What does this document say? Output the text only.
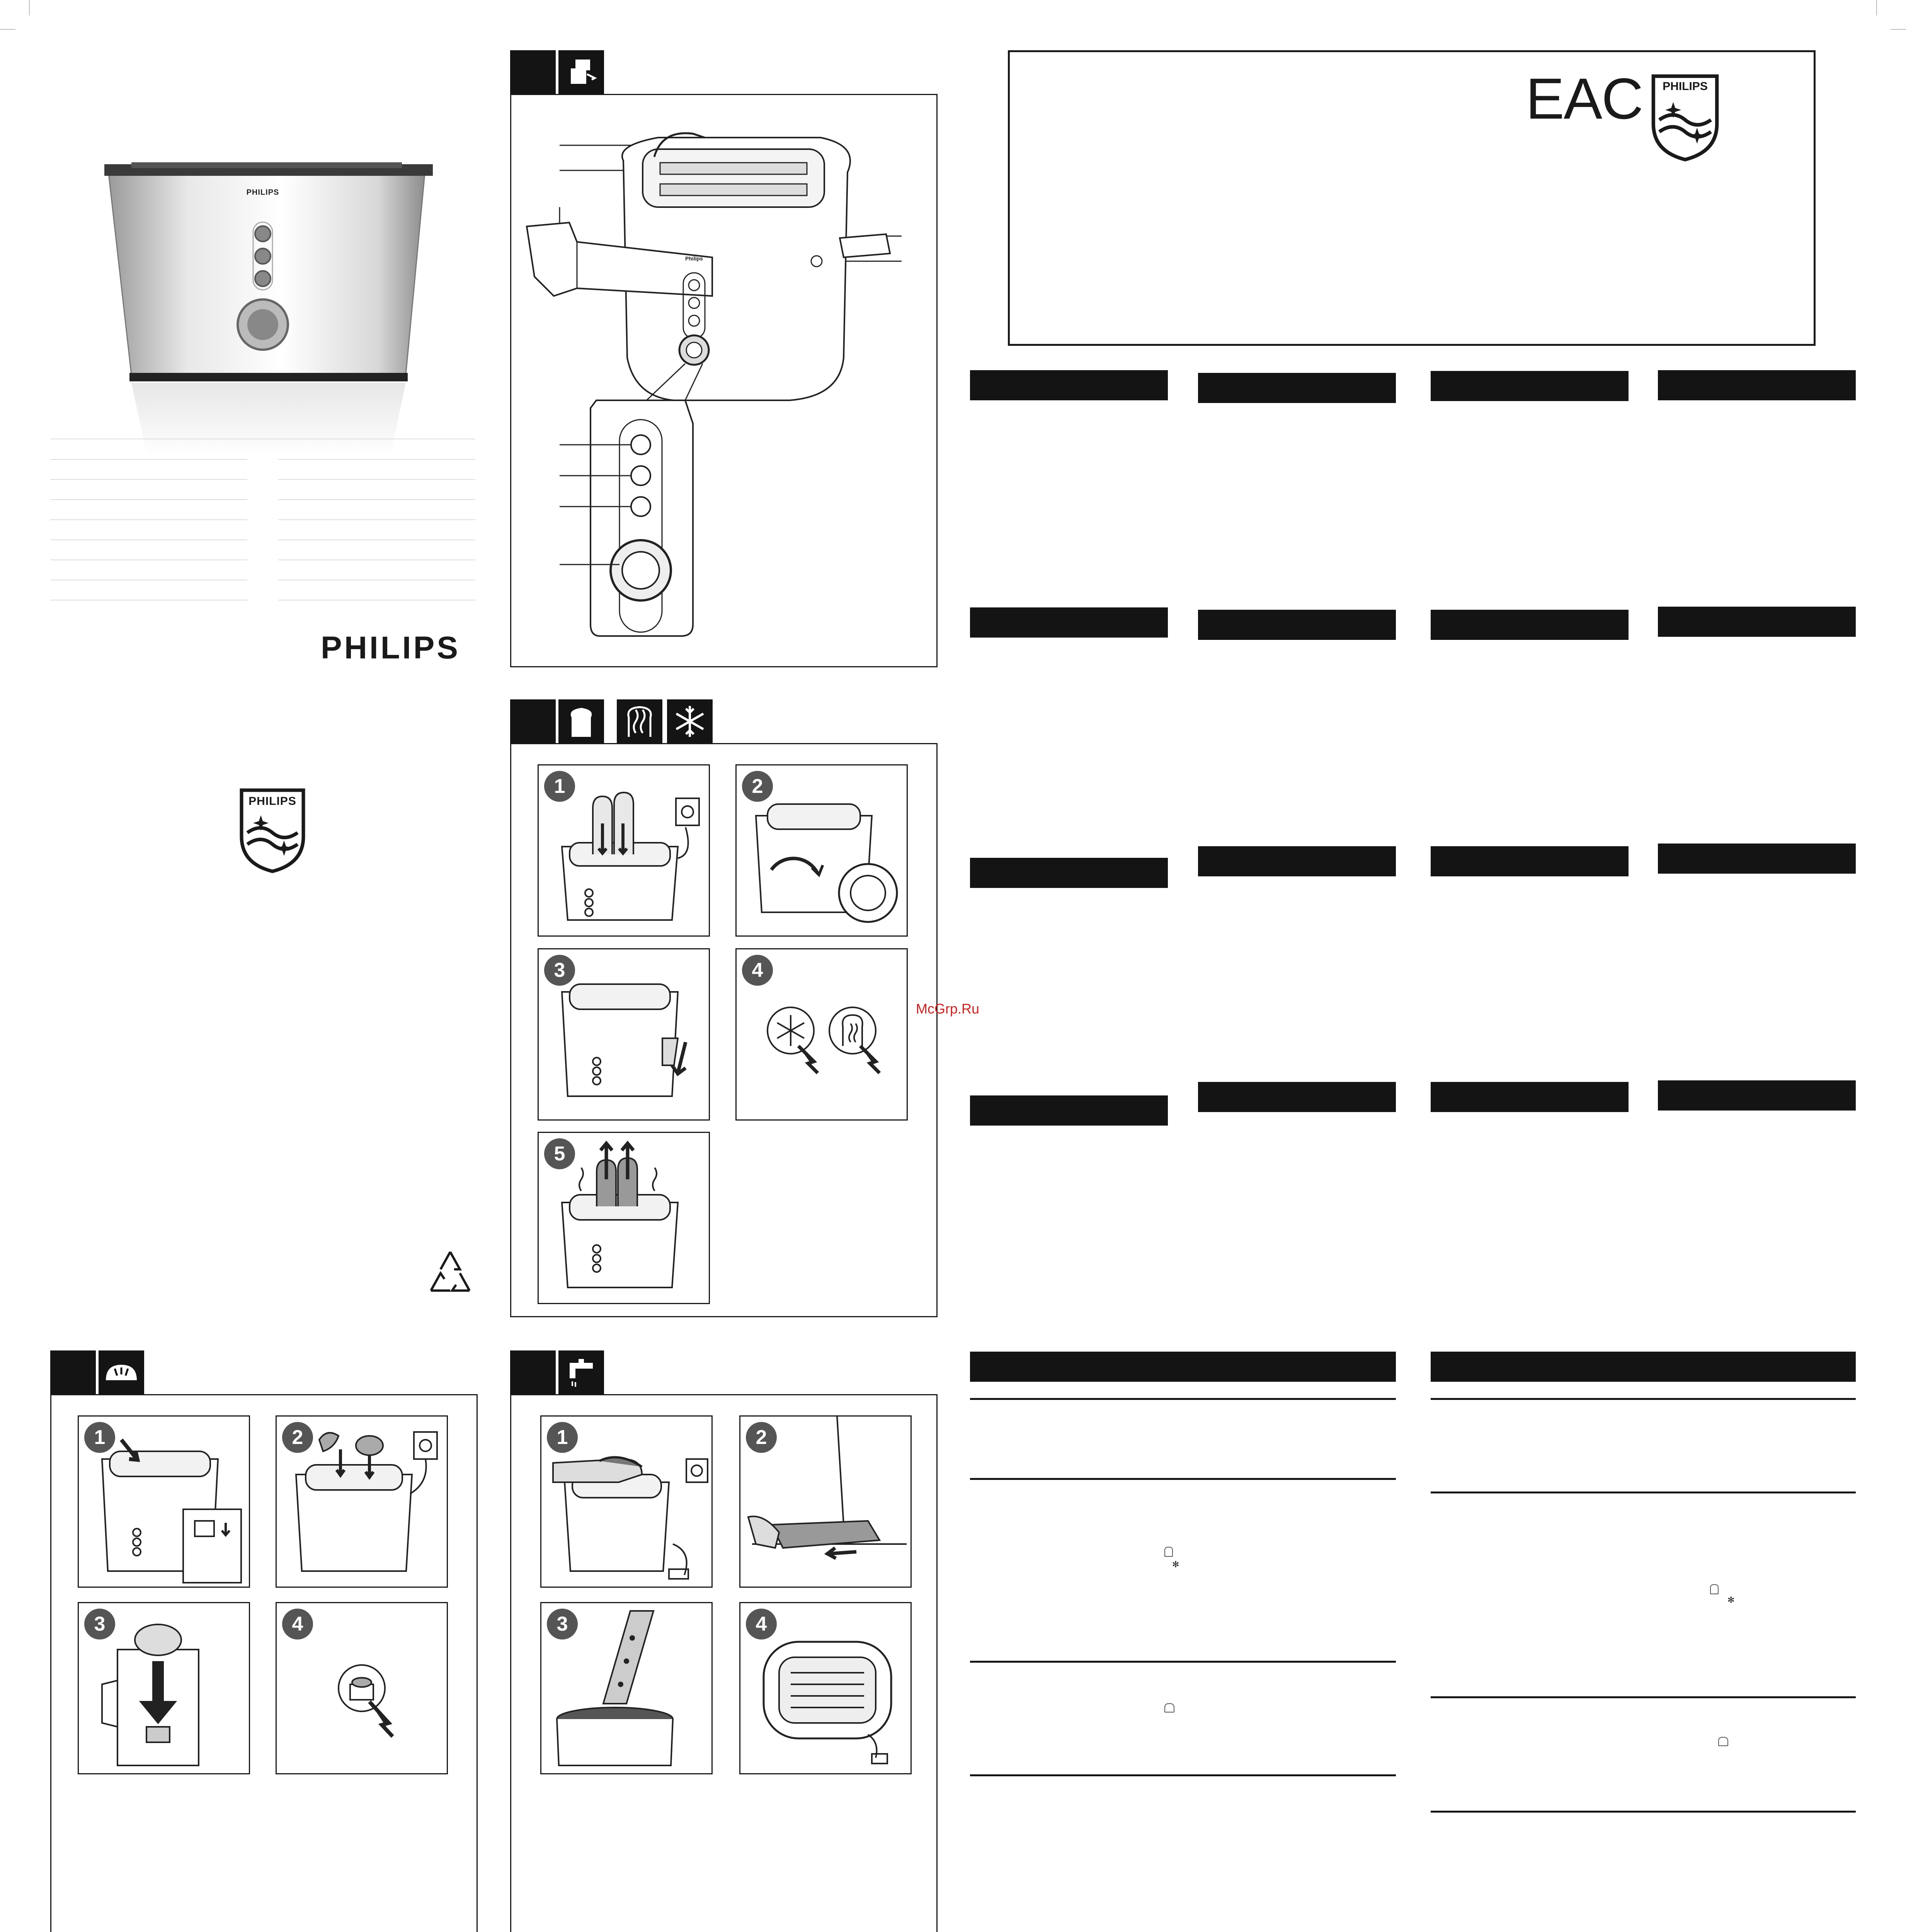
PHILIPS
PHILIPS
PHILIPS
Philips
1	2
3	4
5
McGrp.Ru
1	2
3	4
1	2
3	4
EAC	PHILIPS
✻
✻
